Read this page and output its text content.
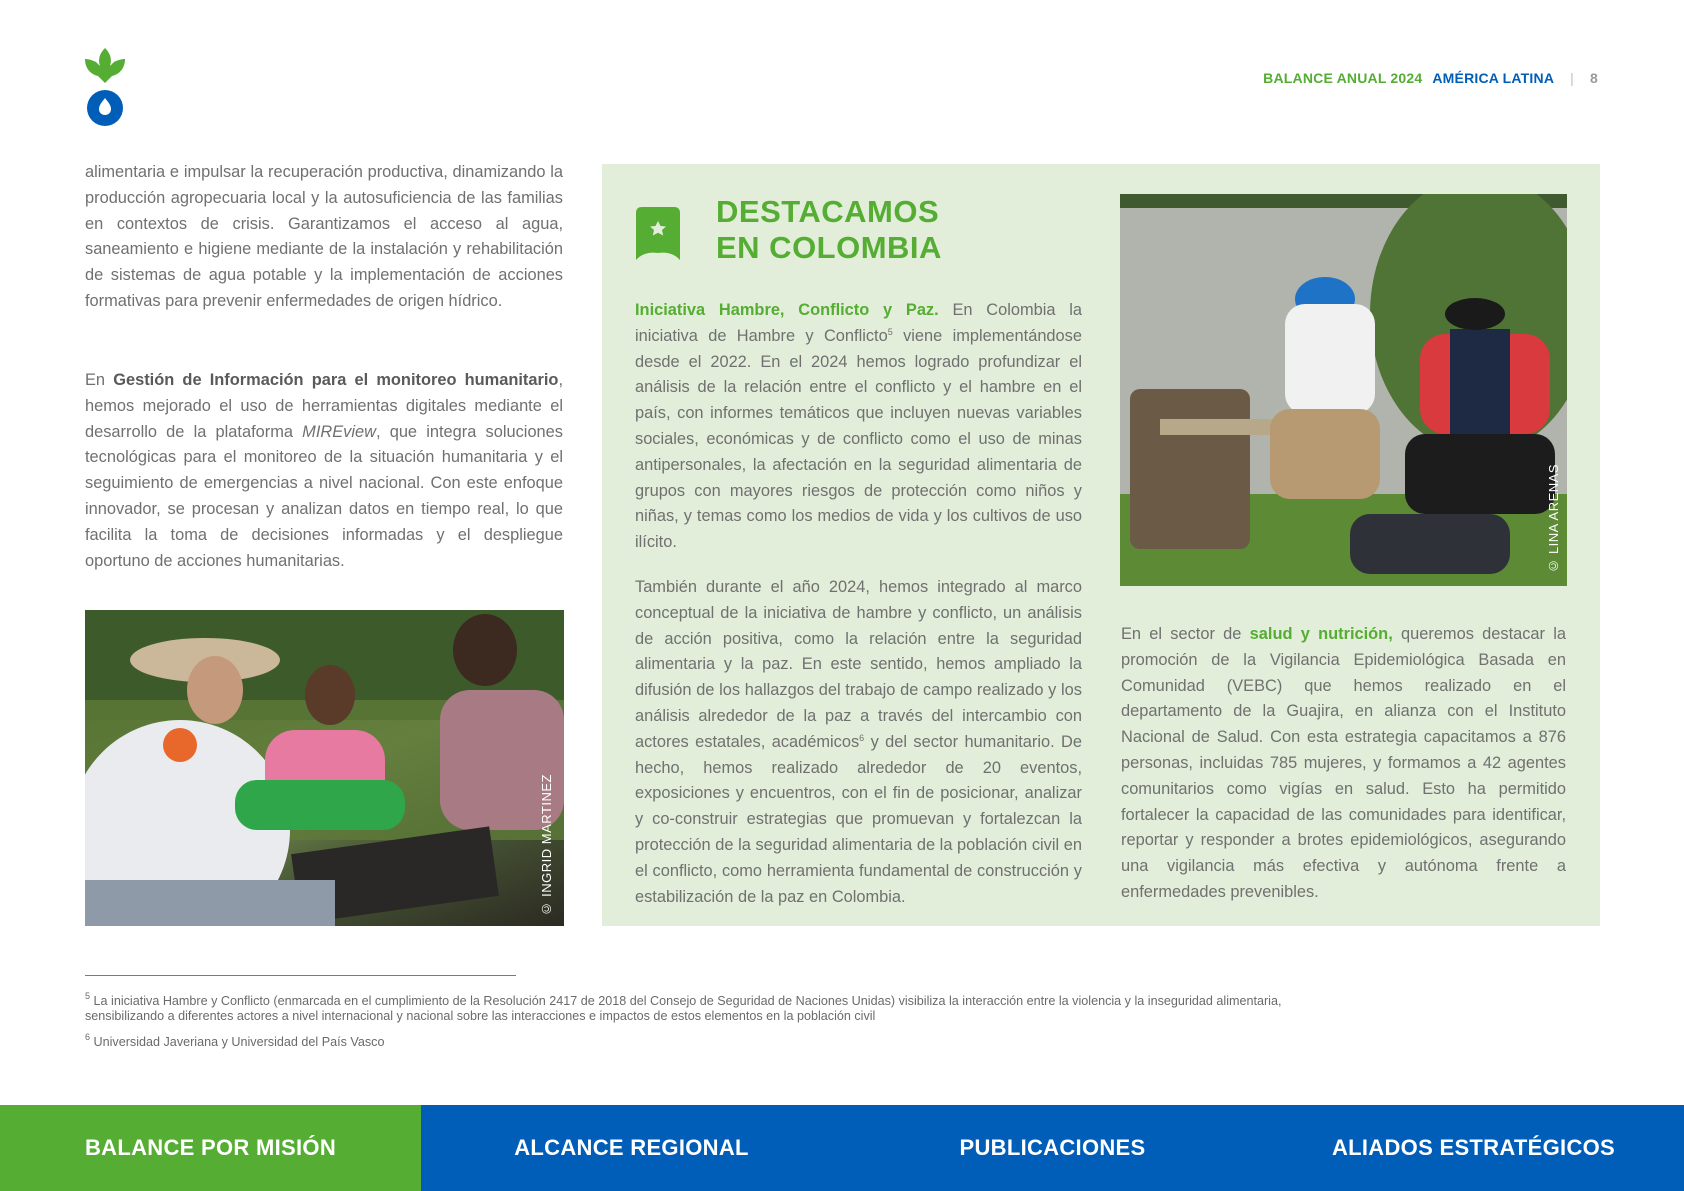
BALANCE ANUAL 2024 AMÉRICA LATINA | 8

alimentaria e impulsar la recuperación productiva, dinamizando la producción agropecuaria local y la autosuficiencia de las familias en contextos de crisis. Garantizamos el acceso al agua, saneamiento e higiene mediante de la instalación y rehabilitación de sistemas de agua potable y la implementación de acciones formativas para prevenir enfermedades de origen hídrico.

En Gestión de Información para el monitoreo humanitario, hemos mejorado el uso de herramientas digitales mediante el desarrollo de la plataforma MIREview, que integra soluciones tecnológicas para el monitoreo de la situación humanitaria y el seguimiento de emergencias a nivel nacional. Con este enfoque innovador, se procesan y analizan datos en tiempo real, lo que facilita la toma de decisiones informadas y el despliegue oportuno de acciones humanitarias.

© INGRID MARTINEZ
DESTACAMOS
EN COLOMBIA

Iniciativa Hambre, Conflicto y Paz. En Colombia la iniciativa de Hambre y Conflicto$^5$ viene implementándose desde el 2022. En el 2024 hemos logrado profundizar el análisis de la relación entre el conflicto y el hambre en el país, con informes temáticos que incluyen nuevas variables sociales, económicas y de conflicto como el uso de minas antipersonales, la afectación en la seguridad alimentaria de grupos con mayores riesgos de protección como niños y niñas, y temas como los medios de vida y los cultivos de uso ilícito.

También durante el año 2024, hemos integrado al marco conceptual de la iniciativa de hambre y conflicto, un análisis de acción positiva, como la relación entre la seguridad alimentaria y la paz. En este sentido, hemos ampliado la difusión de los hallazgos del trabajo de campo realizado y los análisis alrededor de la paz a través del intercambio con actores estatales, académicos$^6$ y del sector humanitario. De hecho, hemos realizado alrededor de 20 eventos, exposiciones y encuentros, con el fin de posicionar, analizar y co-construir estrategias que promuevan y fortalezcan la protección de la seguridad alimentaria de la población civil en el conflicto, como herramienta fundamental de construcción y estabilización de la paz en Colombia.

© LINA ARENAS

En el sector de salud y nutrición, queremos destacar la promoción de la Vigilancia Epidemiológica Basada en Comunidad (VEBC) que hemos realizado en el departamento de la Guajira, en alianza con el Instituto Nacional de Salud. Con esta estrategia capacitamos a 876 personas, incluidas 785 mujeres, y formamos a 42 agentes comunitarios como vigías en salud. Esto ha permitido fortalecer la capacidad de las comunidades para identificar, reportar y responder a brotes epidemiológicos, asegurando una vigilancia más efectiva y autónoma frente a enfermedades prevenibles.

$^5$ La iniciativa Hambre y Conflicto (enmarcada en el cumplimiento de la Resolución 2417 de 2018 del Consejo de Seguridad de Naciones Unidas) visibiliza la interacción entre la violencia y la inseguridad alimentaria, sensibilizando a diferentes actores a nivel internacional y nacional sobre las interacciones e impactos de estos elementos en la población civil
$^6$ Universidad Javeriana y Universidad del País Vasco
BALANCE POR MISIÓN	ALCANCE REGIONAL	PUBLICACIONES	ALIADOS ESTRATÉGICOS
